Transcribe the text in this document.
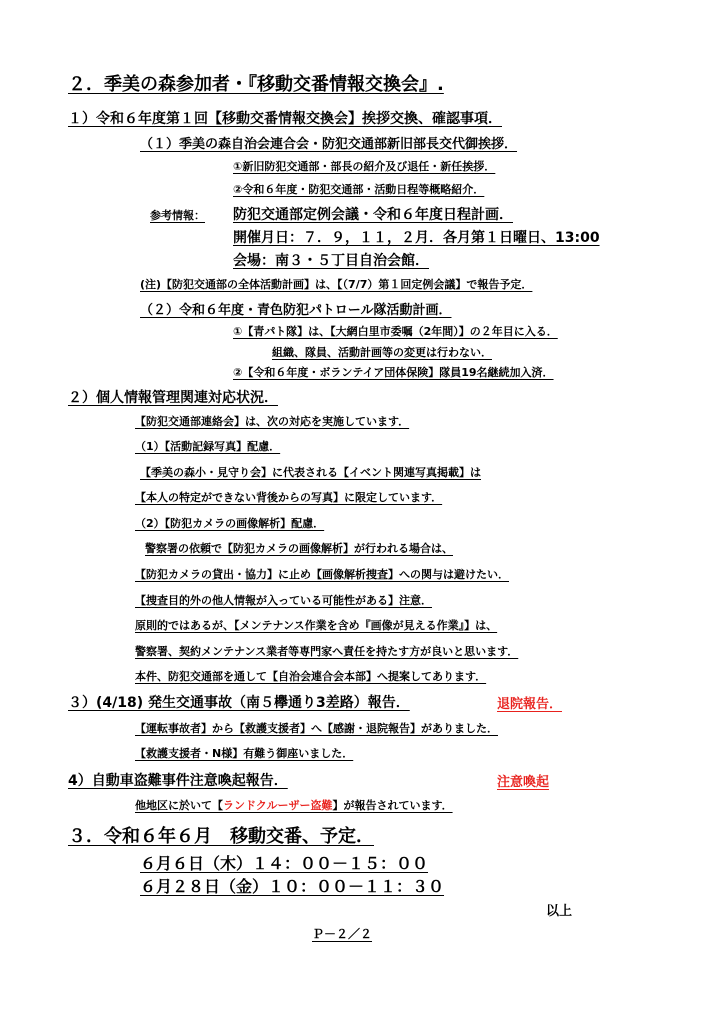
２．季美の森参加者・『移動交番情報交換会』.
１）令和６年度第１回【移動交番情報交換会】挨拶交換、確認事項．
（１）季美の森自治会連合会・防犯交通部新旧部長交代御挨拶．
①新旧防犯交通部・部長の紹介及び退任・新任挨拶．
②令和６年度・防犯交通部・活動日程等概略紹介．
参考情報： 防犯交通部定例会議・令和６年度日程計画．
開催月日：７．９，１１，２月．各月第１日曜日、13:00
会場：南３・５丁目自治会館．
(注)【防犯交通部の全体活動計画】は、【（7/7）第１回定例会議】で報告予定．
（２）令和６年度・青色防犯パトロール隊活動計画．
①【青パト隊】は、【大網白里市委嘱（2年間）】の２年目に入る．
組織、隊員、活動計画等の変更は行わない．
②【令和６年度・ボランテイア団体保険】隊員19名継続加入済．
２）個人情報管理関連対応状況．
【防犯交通部連絡会】は、次の対応を実施しています．
（1）【活動記録写真】配慮．
【季美の森小・見守り会】に代表される【イベント関連写真掲載】は
【本人の特定ができない背後からの写真】に限定しています．
（2）【防犯カメラの画像解析】配慮．
警察署の依頼で【防犯カメラの画像解析】が行われる場合は、
【防犯カメラの貸出・協力】に止め【画像解析捜査】への関与は避けたい．
【捜査目的外の他人情報が入っている可能性がある】注意．
原則的ではあるが、【メンテナンス作業を含め『画像が見える作業』】は、
警察署、契約メンテナンス業者等専門家へ責任を持たす方が良いと思います．
本件、防犯交通部を通して【自治会連合会本部】へ提案してあります．
３）(4/18) 発生交通事故（南５欅通り3差路）報告．	退院報告．
【運転事故者】から【救護支援者】へ【感謝・退院報告】がありました．
【救護支援者・N様】有難う御座いました．
4）自動車盗難事件注意喚起報告．	注意喚起
他地区に於いて【ランドクルーザー盗難】が報告されています．
３．令和６年６月　移動交番、予定．
６月６日（木）１４：００－１５：００
６月２８日（金）１０：００－１１：３０
以上
Ｐ－２／２
